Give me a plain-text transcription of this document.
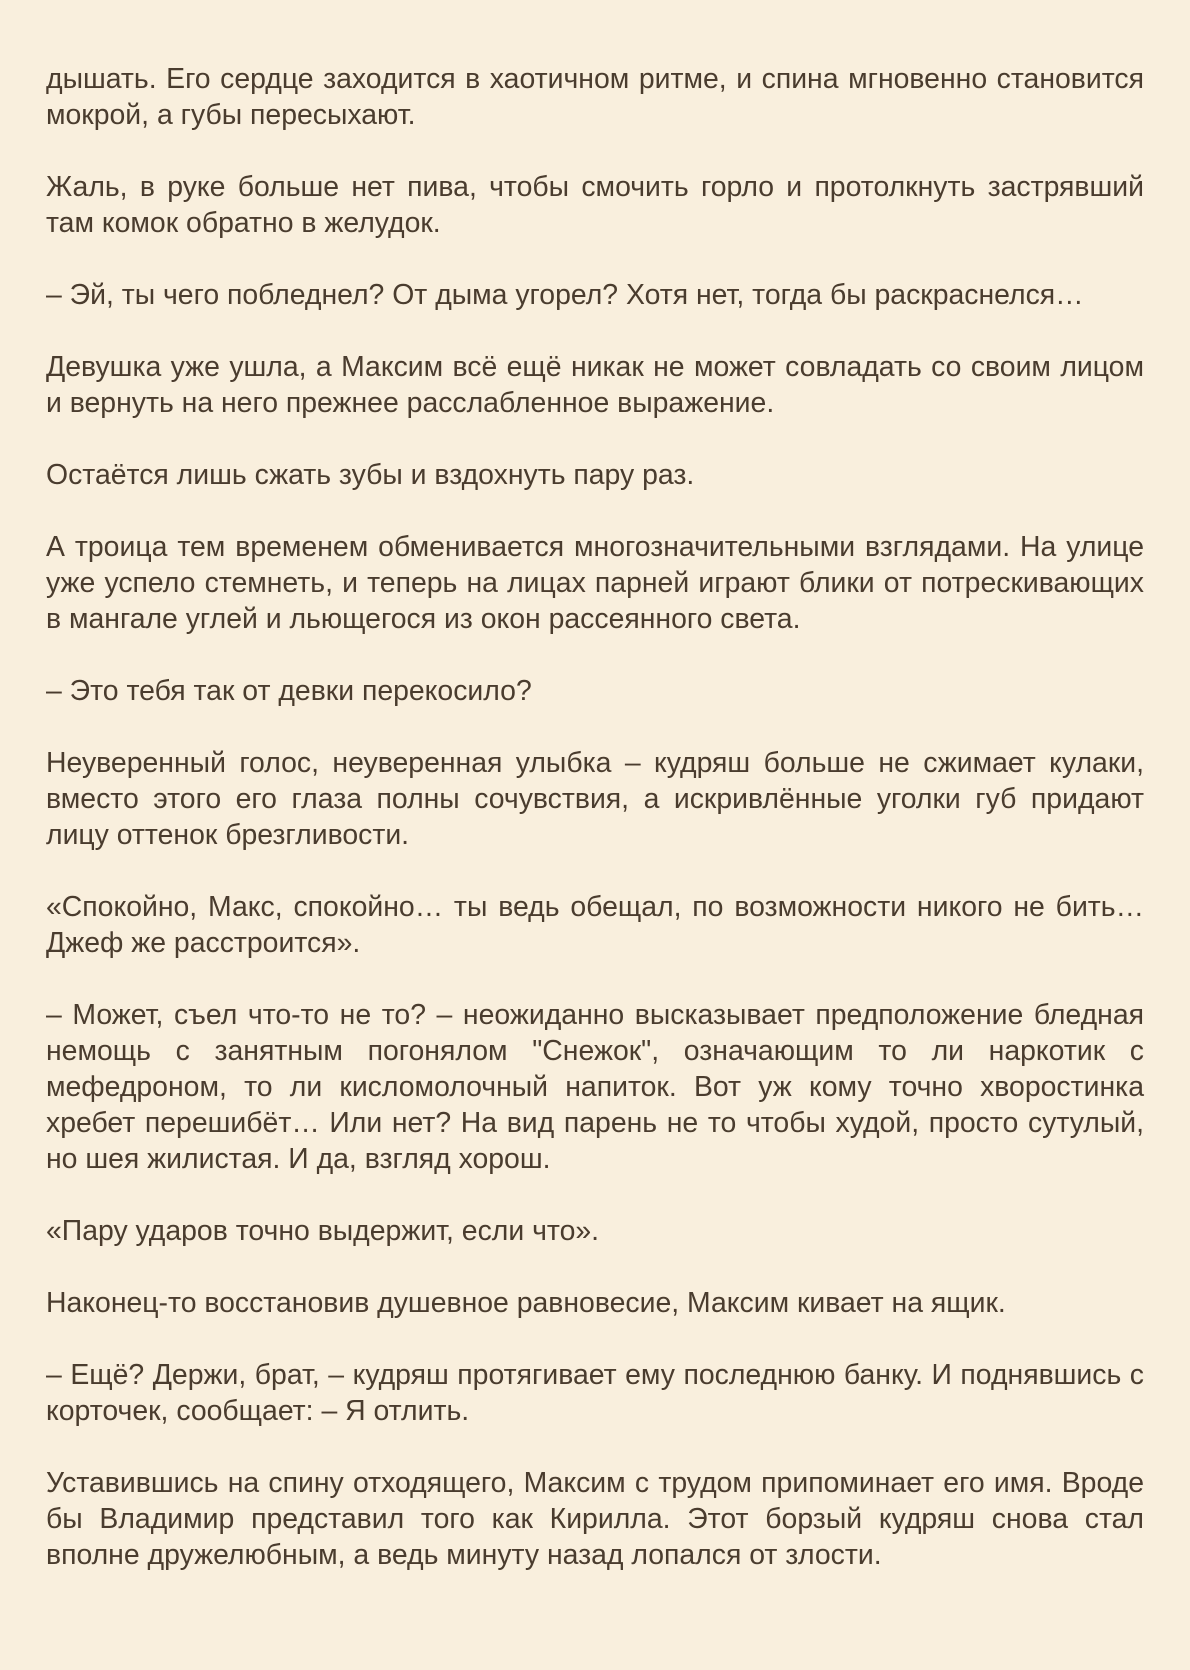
дышать. Его сердце заходится в хаотичном ритме, и спина мгновенно становится мокрой, а губы пересыхают.

Жаль, в руке больше нет пива, чтобы смочить горло и протолкнуть застрявший там комок обратно в желудок.

– Эй, ты чего побледнел? От дыма угорел? Хотя нет, тогда бы раскраснелся…

Девушка уже ушла, а Максим всё ещё никак не может совладать со своим лицом и вернуть на него прежнее расслабленное выражение.

Остаётся лишь сжать зубы и вздохнуть пару раз.

А троица тем временем обменивается многозначительными взглядами. На улице уже успело стемнеть, и теперь на лицах парней играют блики от потрескивающих в мангале углей и льющегося из окон рассеянного света.

– Это тебя так от девки перекосило?

Неуверенный голос, неуверенная улыбка – кудряш больше не сжимает кулаки, вместо этого его глаза полны сочувствия, а искривлённые уголки губ придают лицу оттенок брезгливости.

«Спокойно, Макс, спокойно… ты ведь обещал, по возможности никого не бить… Джеф же расстроится».

– Может, съел что-то не то? – неожиданно высказывает предположение бледная немощь с занятным погонялом "Снежок", означающим то ли наркотик с мефедроном, то ли кисломолочный напиток. Вот уж кому точно хворостинка хребет перешибёт… Или нет? На вид парень не то чтобы худой, просто сутулый, но шея жилистая. И да, взгляд хорош.

«Пару ударов точно выдержит, если что».

Наконец-то восстановив душевное равновесие, Максим кивает на ящик.

– Ещё? Держи, брат, – кудряш протягивает ему последнюю банку. И поднявшись с корточек, сообщает: – Я отлить.

Уставившись на спину отходящего, Максим с трудом припоминает его имя. Вроде бы Владимир представил того как Кирилла. Этот борзый кудряш снова стал вполне дружелюбным, а ведь минуту назад лопался от злости.
